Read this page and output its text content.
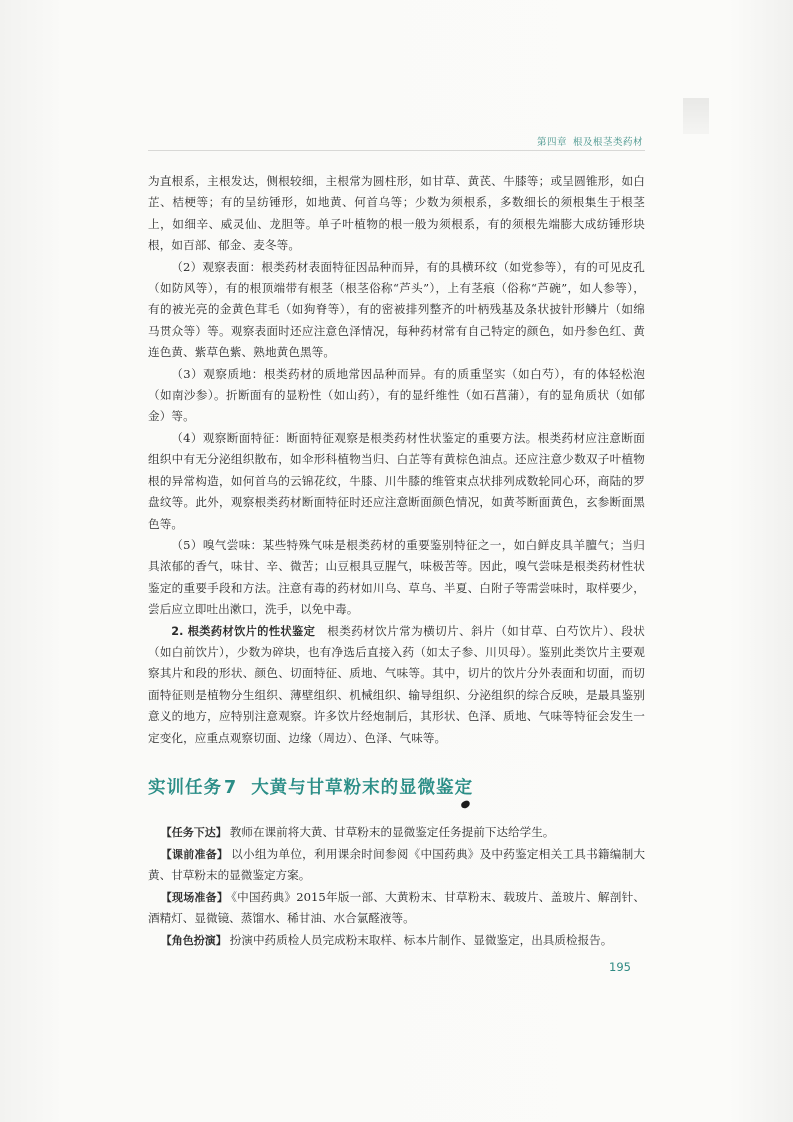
第四章 根及根茎类药材

为直根系，主根发达，侧根较细，主根常为圆柱形，如甘草、黄芪、牛膝等；或呈圆锥形，如白芷、桔梗等；有的呈纺锤形，如地黄、何首乌等；少数为须根系，多数细长的须根集生于根茎上，如细辛、威灵仙、龙胆等。单子叶植物的根一般为须根系，有的须根先端膨大成纺锤形块根，如百部、郁金、麦冬等。

（2）观察表面：根类药材表面特征因品种而异，有的具横环纹（如党参等），有的可见皮孔（如防风等），有的根顶端带有根茎（根茎俗称“芦头”），上有茎痕（俗称“芦碗”，如人参等），有的被光亮的金黄色茸毛（如狗脊等），有的密被排列整齐的叶柄残基及条状披针形鳞片（如绵马贯众等）等。观察表面时还应注意色泽情况，每种药材常有自己特定的颜色，如丹参色红、黄连色黄、紫草色紫、熟地黄色黑等。

（3）观察质地：根类药材的质地常因品种而异。有的质重坚实（如白芍），有的体轻松泡（如南沙参）。折断面有的显粉性（如山药），有的显纤维性（如石菖蒲），有的显角质状（如郁金）等。

（4）观察断面特征：断面特征观察是根类药材性状鉴定的重要方法。根类药材应注意断面组织中有无分泌组织散布，如伞形科植物当归、白芷等有黄棕色油点。还应注意少数双子叶植物根的异常构造，如何首乌的云锦花纹，牛膝、川牛膝的维管束点状排列成数轮同心环，商陆的罗盘纹等。此外，观察根类药材断面特征时还应注意断面颜色情况，如黄芩断面黄色，玄参断面黑色等。

（5）嗅气尝味：某些特殊气味是根类药材的重要鉴别特征之一，如白鲜皮具羊膻气；当归具浓郁的香气，味甘、辛、微苦；山豆根具豆腥气，味极苦等。因此，嗅气尝味是根类药材性状鉴定的重要手段和方法。注意有毒的药材如川乌、草乌、半夏、白附子等需尝味时，取样要少，尝后应立即吐出漱口，洗手，以免中毒。

2. 根类药材饮片的性状鉴定　根类药材饮片常为横切片、斜片（如甘草、白芍饮片）、段状（如白前饮片），少数为碎块，也有净选后直接入药（如太子参、川贝母）。鉴别此类饮片主要观察其片和段的形状、颜色、切面特征、质地、气味等。其中，切片的饮片分外表面和切面，而切面特征则是植物分生组织、薄壁组织、机械组织、输导组织、分泌组织的综合反映，是最具鉴别意义的地方，应特别注意观察。许多饮片经炮制后，其形状、色泽、质地、气味等特征会发生一定变化，应重点观察切面、边缘（周边）、色泽、气味等。

实训任务 7 大黄与甘草粉末的显微鉴定

【任务下达】 教师在课前将大黄、甘草粉末的显微鉴定任务提前下达给学生。

【课前准备】 以小组为单位，利用课余时间参阅《中国药典》及中药鉴定相关工具书籍编制大黄、甘草粉末的显微鉴定方案。

【现场准备】 《中国药典》2015年版一部、大黄粉末、甘草粉末、载玻片、盖玻片、解剖针、酒精灯、显微镜、蒸馏水、稀甘油、水合氯醛液等。

【角色扮演】 扮演中药质检人员完成粉末取样、标本片制作、显微鉴定，出具质检报告。

195
